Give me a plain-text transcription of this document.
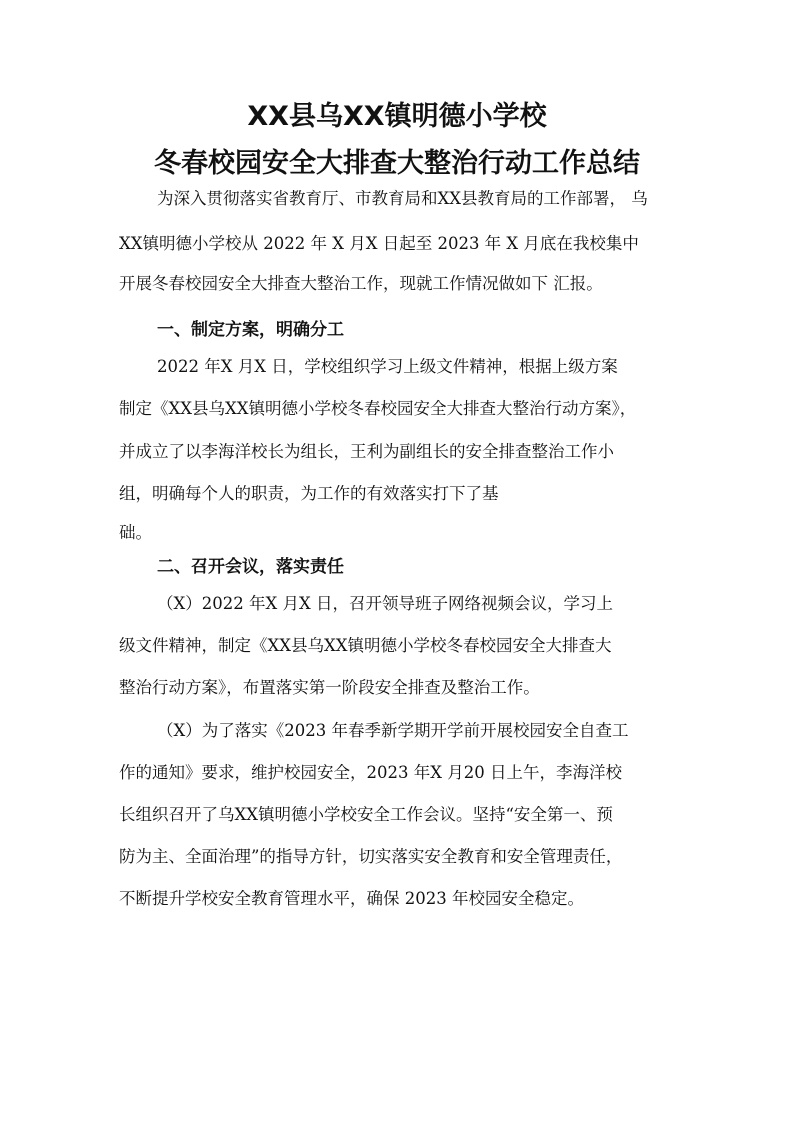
XX县乌XX镇明德小学校
冬春校园安全大排查大整治行动工作总结

为深入贯彻落实省教育厅、市教育局和XX县教育局的工作部署， 乌

XX镇明德小学校从 2022 年 X 月X 日起至 2023 年 X 月底在我校集中

开展冬春校园安全大排查大整治工作，现就工作情况做如下 汇报。

一、制定方案，明确分工

2022 年X 月X 日，学校组织学习上级文件精神，根据上级方案

制定《XX县乌XX镇明德小学校冬春校园安全大排查大整治行动方案》，

并成立了以李海洋校长为组长，王利为副组长的安全排查整治工作小

组，明确每个人的职责，为工作的有效落实打下了基

础。

二、召开会议，落实责任

（X）2022 年X 月X 日，召开领导班子网络视频会议，学习上

级文件精神，制定《XX县乌XX镇明德小学校冬春校园安全大排查大

整治行动方案》，布置落实第一阶段安全排查及整治工作。

（X）为了落实《2023 年春季新学期开学前开展校园安全自查工

作的通知》要求，维护校园安全，2023 年X 月20 日上午，李海洋校

长组织召开了乌XX镇明德小学校安全工作会议。坚持“安全第一、预

防为主、全面治理”的指导方针，切实落实安全教育和安全管理责任，

不断提升学校安全教育管理水平，确保 2023 年校园安全稳定。
